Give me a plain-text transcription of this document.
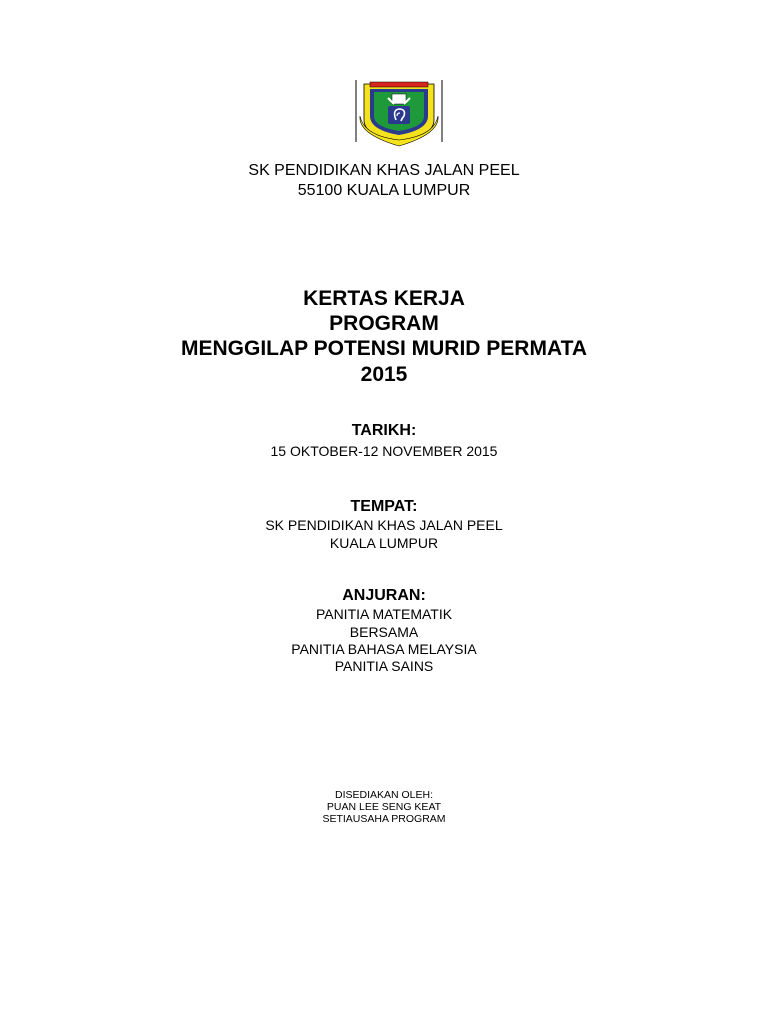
SK PENDIDIKAN KHAS JALAN PEEL
55100 KUALA LUMPUR
KERTAS KERJA
PROGRAM
MENGGILAP POTENSI MURID PERMATA
2015
TARIKH:
15 OKTOBER-12 NOVEMBER 2015
TEMPAT:
SK PENDIDIKAN KHAS JALAN PEEL
KUALA LUMPUR
ANJURAN:
PANITIA MATEMATIK
BERSAMA
PANITIA BAHASA MELAYSIA
PANITIA SAINS
DISEDIAKAN OLEH:
PUAN LEE SENG KEAT
SETIAUSAHA PROGRAM
